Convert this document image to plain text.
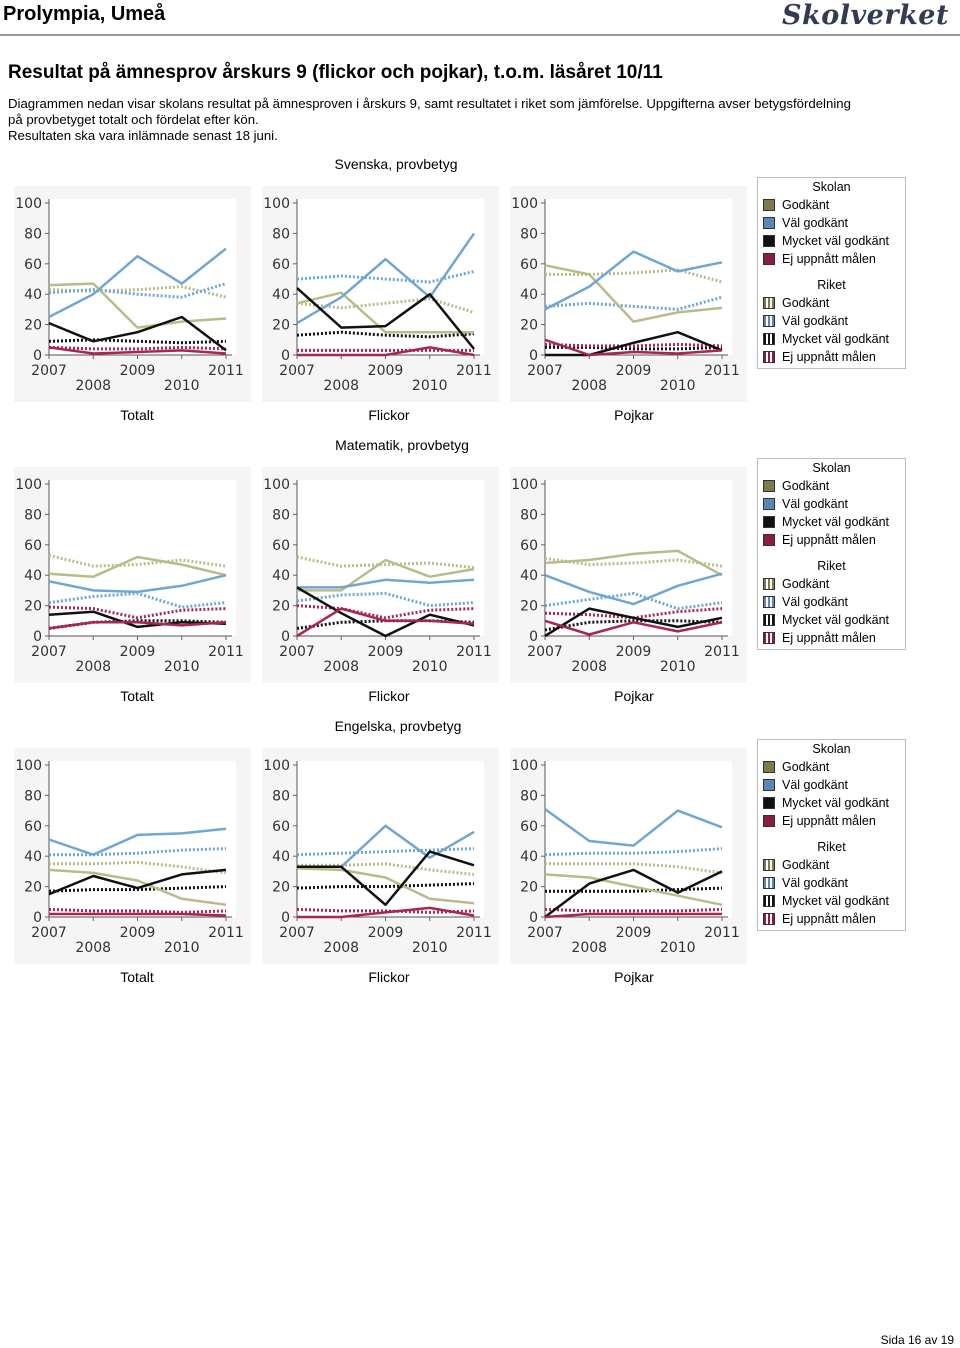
Prolympia, Umeå	Skolverket
Resultat på ämnesprov årskurs 9 (flickor och pojkar), t.o.m. läsåret 10/11
Diagrammen nedan visar skolans resultat på ämnesproven i årskurs 9, samt resultatet i riket som jämförelse. Uppgifterna avser betygsfördelning
på provbetyget totalt och fördelat efter kön.
Resultaten ska vara inlämnade senast 18 juni.
Svenska, provbetyg
0
20
40
60
80
100
2007
2008
2009
2010
2011
0
20
40
60
80
100
2007
2008
2009
2010
2011
0
20
40
60
80
100
2007
2008
2009
2010
2011
Skolan
Godkänt
Väl godkänt
Mycket väl godkänt
Ej uppnått målen
Riket
Godkänt
Väl godkänt
Mycket väl godkänt
Ej uppnått målen
Totalt	Flickor	Pojkar
Matematik, provbetyg
0
20
40
60
80
100
2007
2008
2009
2010
2011
0
20
40
60
80
100
2007
2008
2009
2010
2011
0
20
40
60
80
100
2007
2008
2009
2010
2011
Skolan
Godkänt
Väl godkänt
Mycket väl godkänt
Ej uppnått målen
Riket
Godkänt
Väl godkänt
Mycket väl godkänt
Ej uppnått målen
Totalt	Flickor	Pojkar
Engelska, provbetyg
0
20
40
60
80
100
2007
2008
2009
2010
2011
0
20
40
60
80
100
2007
2008
2009
2010
2011
0
20
40
60
80
100
2007
2008
2009
2010
2011
Skolan
Godkänt
Väl godkänt
Mycket väl godkänt
Ej uppnått målen
Riket
Godkänt
Väl godkänt
Mycket väl godkänt
Ej uppnått målen
Totalt	Flickor	Pojkar
Sida 16 av 19
